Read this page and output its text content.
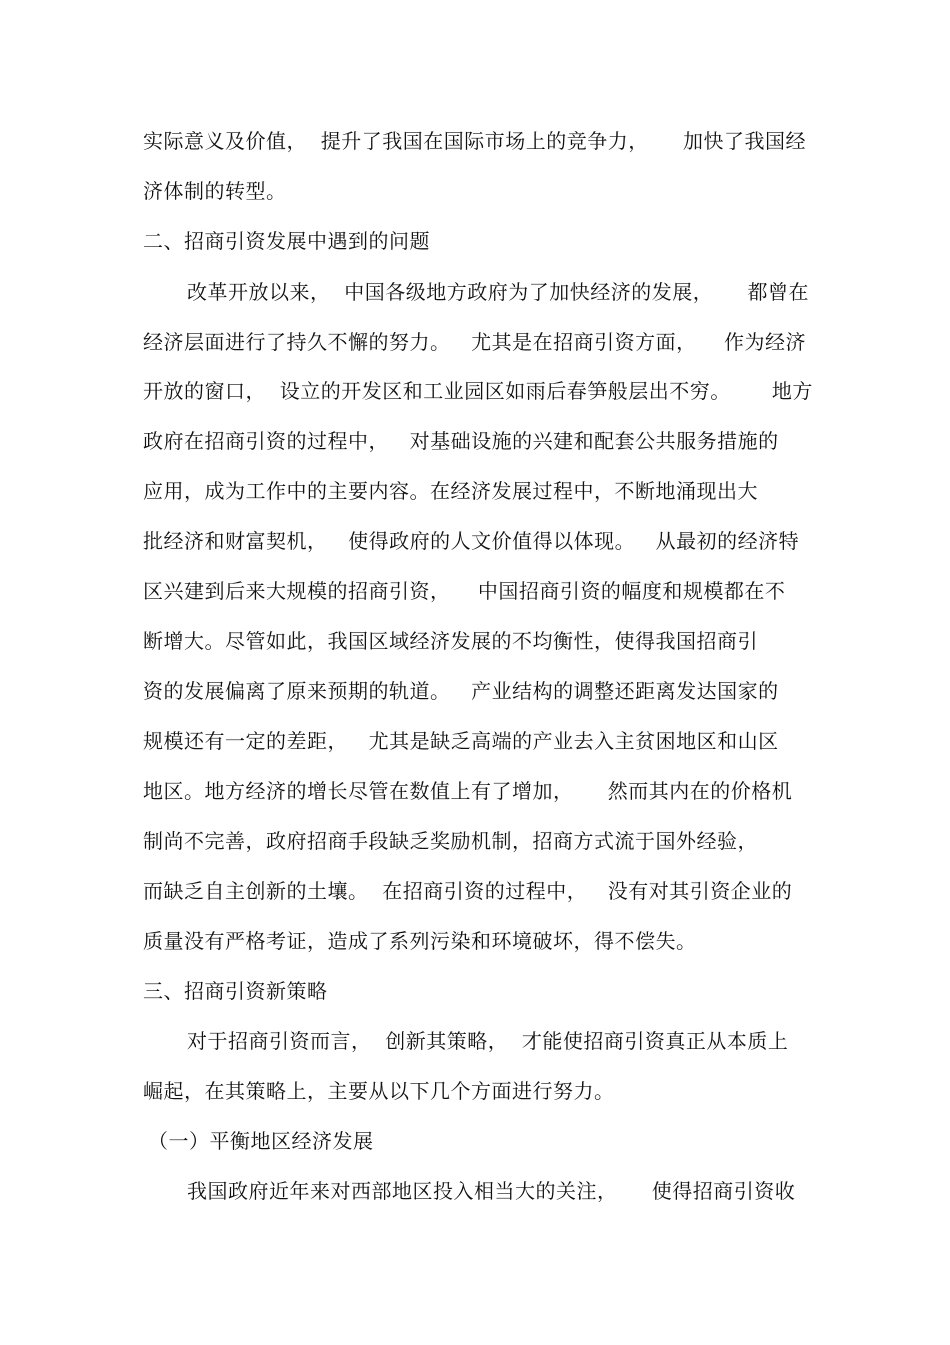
实际意义及价值，  提升了我国在国际市场上的竞争力，     加快了我国经
济体制的转型。
二、招商引资发展中遇到的问题
改革开放以来，  中国各级地方政府为了加快经济的发展，     都曾在
经济层面进行了持久不懈的努力。   尤其是在招商引资方面，    作为经济
开放的窗口，  设立的开发区和工业园区如雨后春笋般层出不穷。      地方
政府在招商引资的过程中，   对基础设施的兴建和配套公共服务措施的
应用，成为工作中的主要内容。在经济发展过程中，不断地涌现出大
批经济和财富契机，   使得政府的人文价值得以体现。   从最初的经济特
区兴建到后来大规模的招商引资，    中国招商引资的幅度和规模都在不
断增大。尽管如此，我国区域经济发展的不均衡性，使得我国招商引
资的发展偏离了原来预期的轨道。   产业结构的调整还距离发达国家的
规模还有一定的差距，   尤其是缺乏高端的产业去入主贫困地区和山区
地区。地方经济的增长尽管在数值上有了增加，     然而其内在的价格机
制尚不完善，政府招商手段缺乏奖励机制，招商方式流于国外经验，
而缺乏自主创新的土壤。  在招商引资的过程中，   没有对其引资企业的
质量没有严格考证，造成了系列污染和环境破坏，得不偿失。
三、招商引资新策略
对于招商引资而言，  创新其策略，  才能使招商引资真正从本质上
崛起，在其策略上，主要从以下几个方面进行努力。
（一）平衡地区经济发展
我国政府近年来对西部地区投入相当大的关注，     使得招商引资收
